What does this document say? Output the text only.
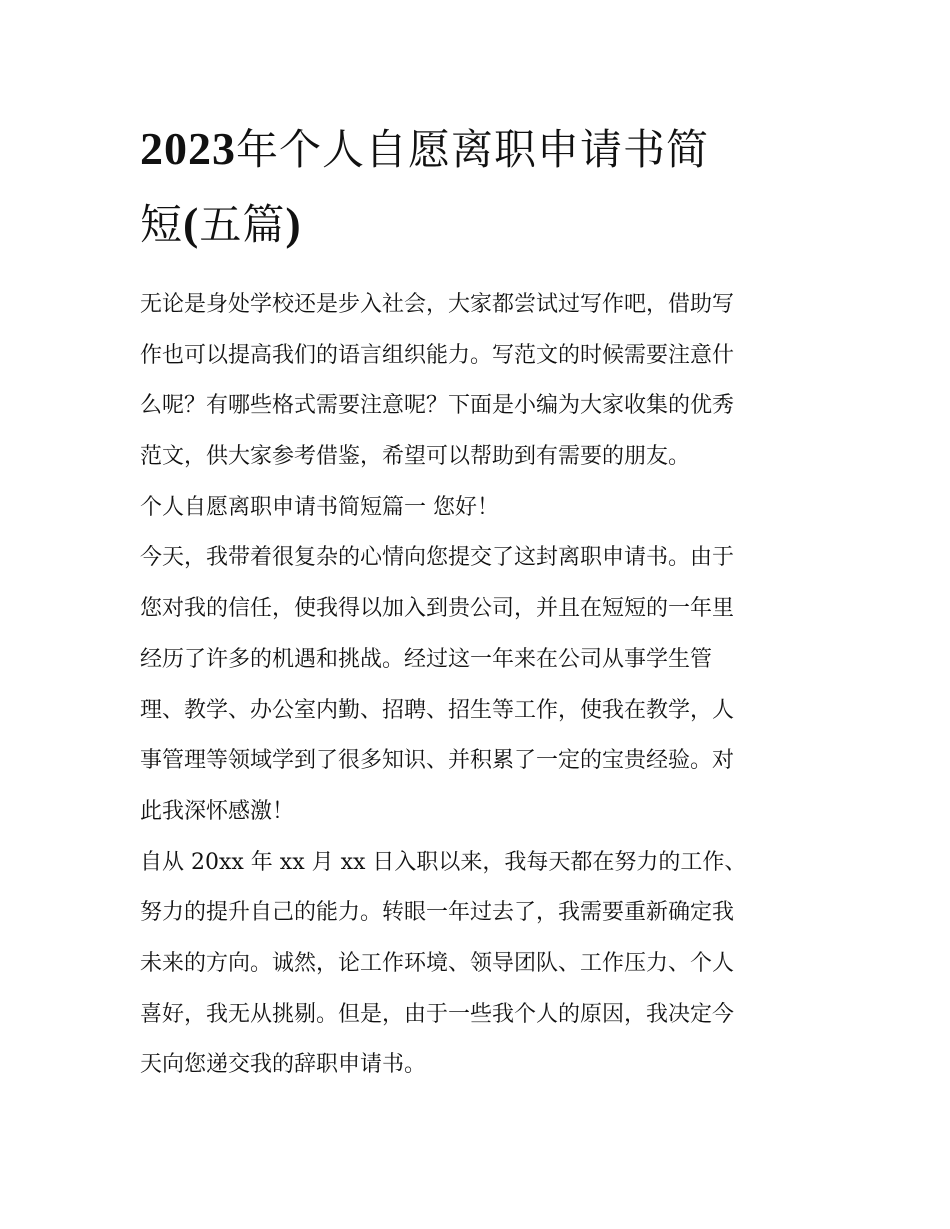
2023年个人自愿离职申请书简
短(五篇)
无论是身处学校还是步入社会，大家都尝试过写作吧，借助写
作也可以提高我们的语言组织能力。写范文的时候需要注意什
么呢？有哪些格式需要注意呢？下面是小编为大家收集的优秀
范文，供大家参考借鉴，希望可以帮助到有需要的朋友。
个人自愿离职申请书简短篇一 您好！
今天，我带着很复杂的心情向您提交了这封离职申请书。由于
您对我的信任，使我得以加入到贵公司，并且在短短的一年里
经历了许多的机遇和挑战。经过这一年来在公司从事学生管
理、教学、办公室内勤、招聘、招生等工作，使我在教学，人
事管理等领域学到了很多知识、并积累了一定的宝贵经验。对
此我深怀感激！
自从 20xx 年 xx 月 xx 日入职以来，我每天都在努力的工作、
努力的提升自己的能力。转眼一年过去了，我需要重新确定我
未来的方向。诚然，论工作环境、领导团队、工作压力、个人
喜好，我无从挑剔。但是，由于一些我个人的原因，我决定今
天向您递交我的辞职申请书。
